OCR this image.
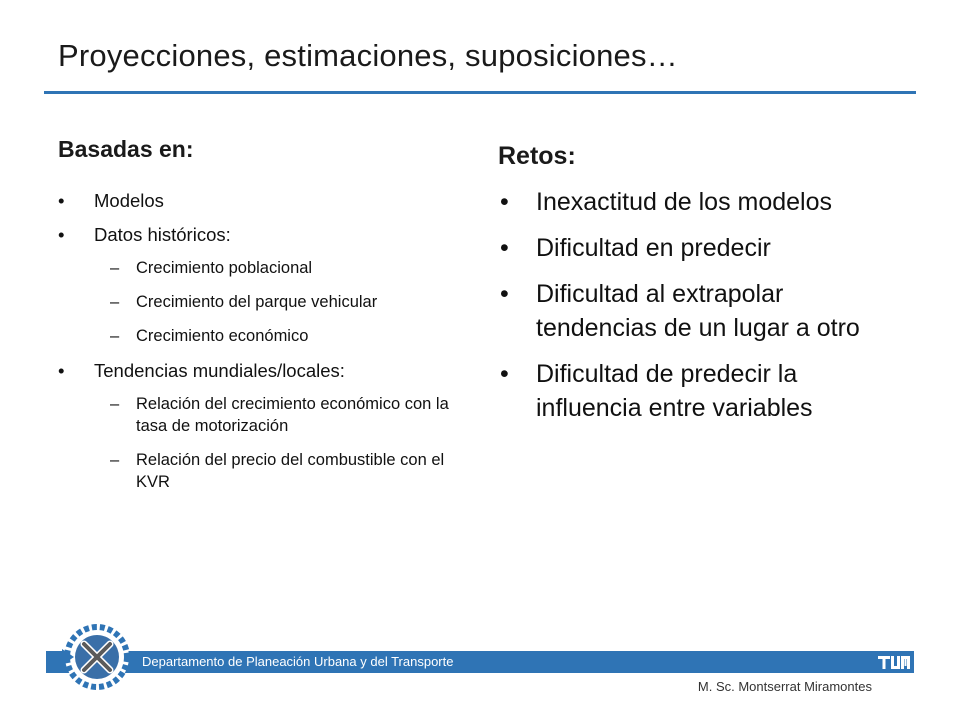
Proyecciones, estimaciones, suposiciones…
Basadas en:
• Modelos
• Datos históricos:
– Crecimiento poblacional
– Crecimiento del parque vehicular
– Crecimiento económico
• Tendencias mundiales/locales:
– Relación del crecimiento económico con la tasa de motorización
– Relación del precio del combustible con el KVR
Retos:
• Inexactitud de los modelos
• Dificultad en predecir
• Dificultad al extrapolar tendencias de un lugar a otro
• Dificultad de predecir la influencia entre variables
Departamento de Planeación Urbana y del Transporte
M. Sc. Montserrat Miramontes
